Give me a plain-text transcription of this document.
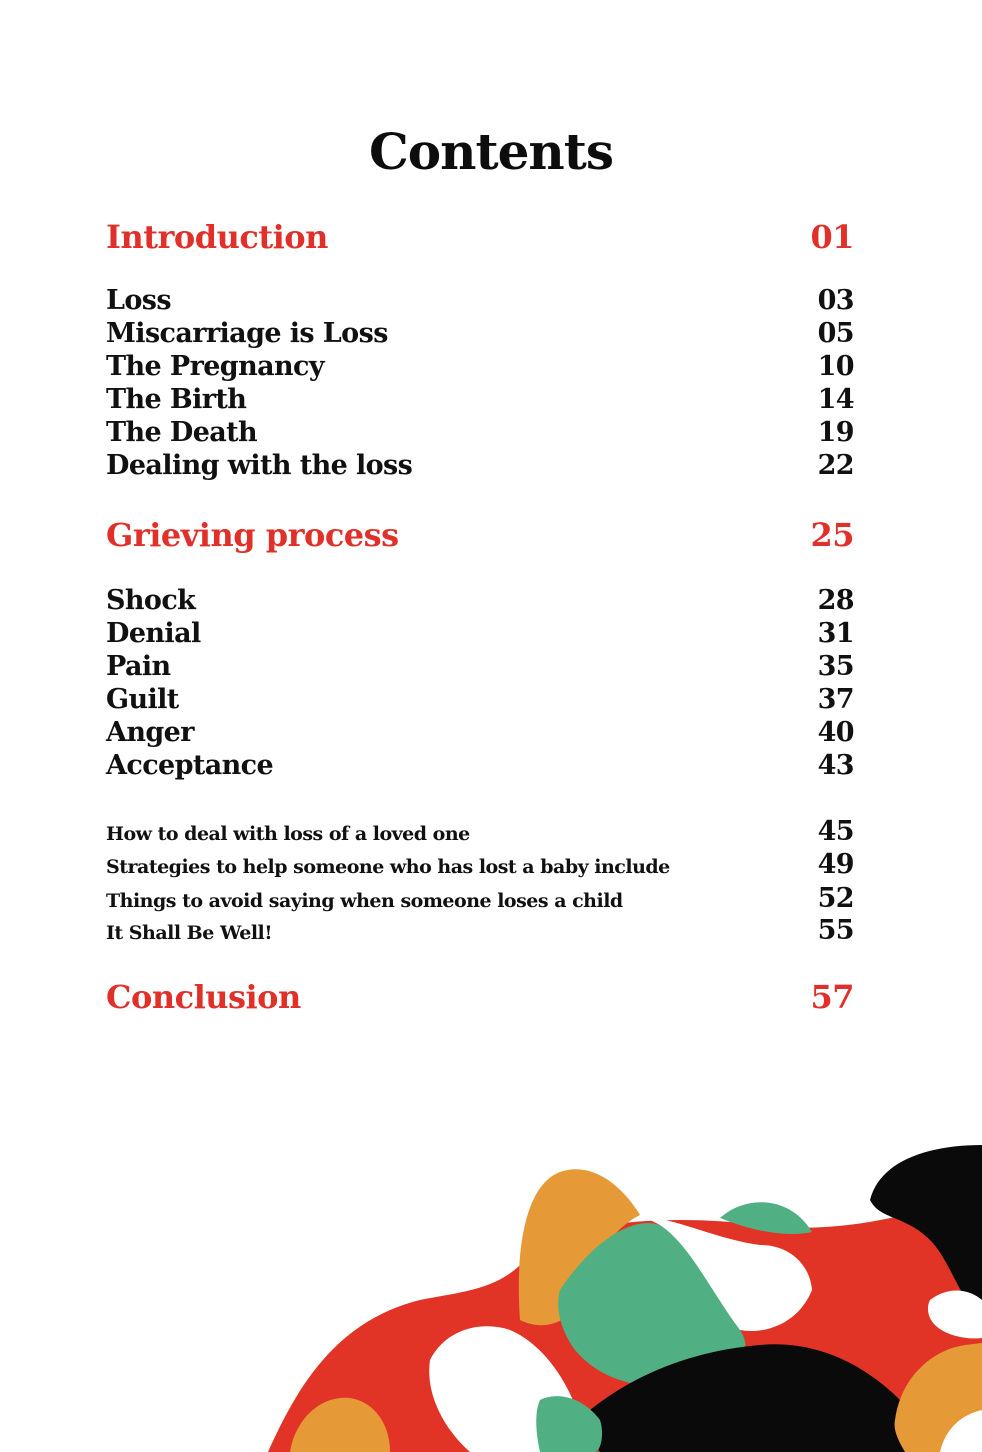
Contents
Introduction	01
Loss	03
Miscarriage is Loss	05
The Pregnancy	10
The Birth	14
The Death	19
Dealing with the loss	22
Grieving process	25
Shock	28
Denial	31
Pain	35
Guilt	37
Anger	40
Acceptance	43
How to deal with loss of a loved one	45
Strategies to help someone who has lost a baby include	49
Things to avoid saying when someone loses a child	52
It Shall Be Well!	55
Conclusion	57
